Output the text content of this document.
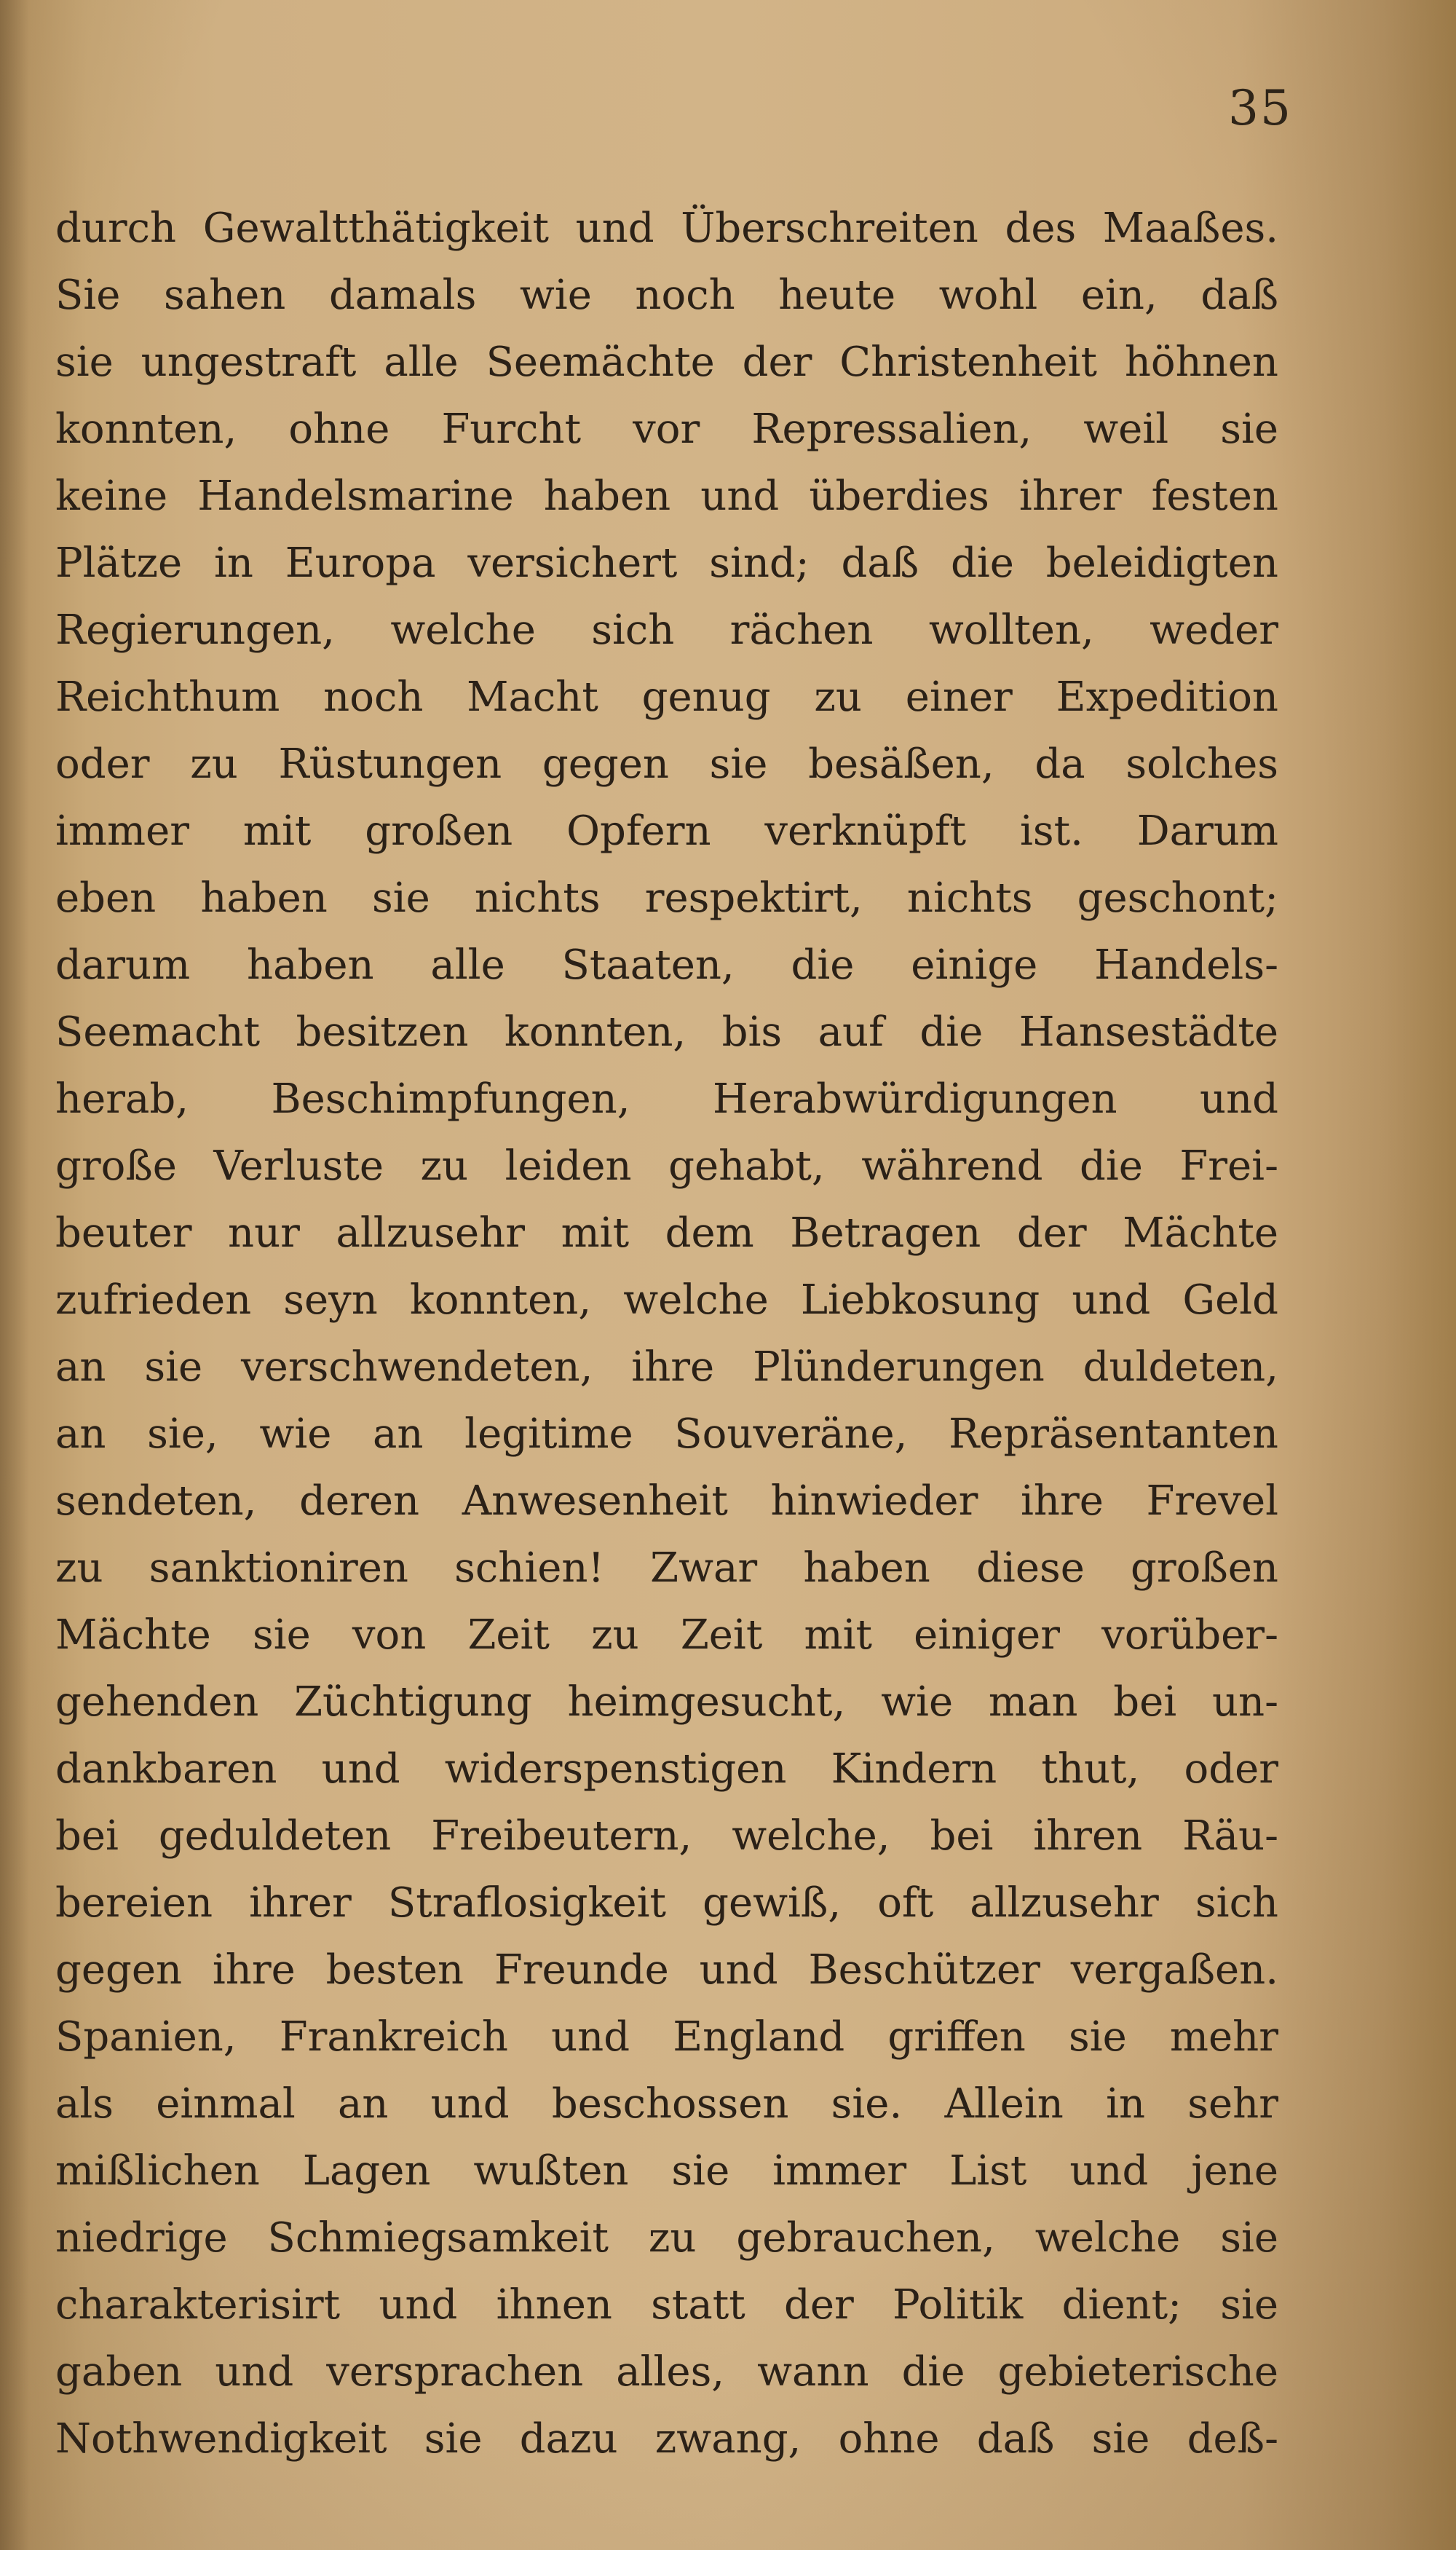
35
durch Gewaltthätigkeit und Überschreiten des Maaßes.
Sie sahen damals wie noch heute wohl ein, daß
sie ungestraft alle Seemächte der Christenheit höhnen
konnten, ohne Furcht vor Repressalien, weil sie
keine Handelsmarine haben und überdies ihrer festen
Plätze in Europa versichert sind; daß die beleidigten
Regierungen, welche sich rächen wollten, weder
Reichthum noch Macht genug zu einer Expedition
oder zu Rüstungen gegen sie besäßen, da solches
immer mit großen Opfern verknüpft ist. Darum
eben haben sie nichts respektirt, nichts geschont;
darum haben alle Staaten, die einige Handels-
Seemacht besitzen konnten, bis auf die Hansestädte
herab, Beschimpfungen, Herabwürdigungen und
große Verluste zu leiden gehabt, während die Frei-
beuter nur allzusehr mit dem Betragen der Mächte
zufrieden seyn konnten, welche Liebkosung und Geld
an sie verschwendeten, ihre Plünderungen duldeten,
an sie, wie an legitime Souveräne, Repräsentanten
sendeten, deren Anwesenheit hinwieder ihre Frevel
zu sanktioniren schien! Zwar haben diese großen
Mächte sie von Zeit zu Zeit mit einiger vorüber-
gehenden Züchtigung heimgesucht, wie man bei un-
dankbaren und widerspenstigen Kindern thut, oder
bei geduldeten Freibeutern, welche, bei ihren Räu-
bereien ihrer Straflosigkeit gewiß, oft allzusehr sich
gegen ihre besten Freunde und Beschützer vergaßen.
Spanien, Frankreich und England griffen sie mehr
als einmal an und beschossen sie. Allein in sehr
mißlichen Lagen wußten sie immer List und jene
niedrige Schmiegsamkeit zu gebrauchen, welche sie
charakterisirt und ihnen statt der Politik dient; sie
gaben und versprachen alles, wann die gebieterische
Nothwendigkeit sie dazu zwang, ohne daß sie deß-
